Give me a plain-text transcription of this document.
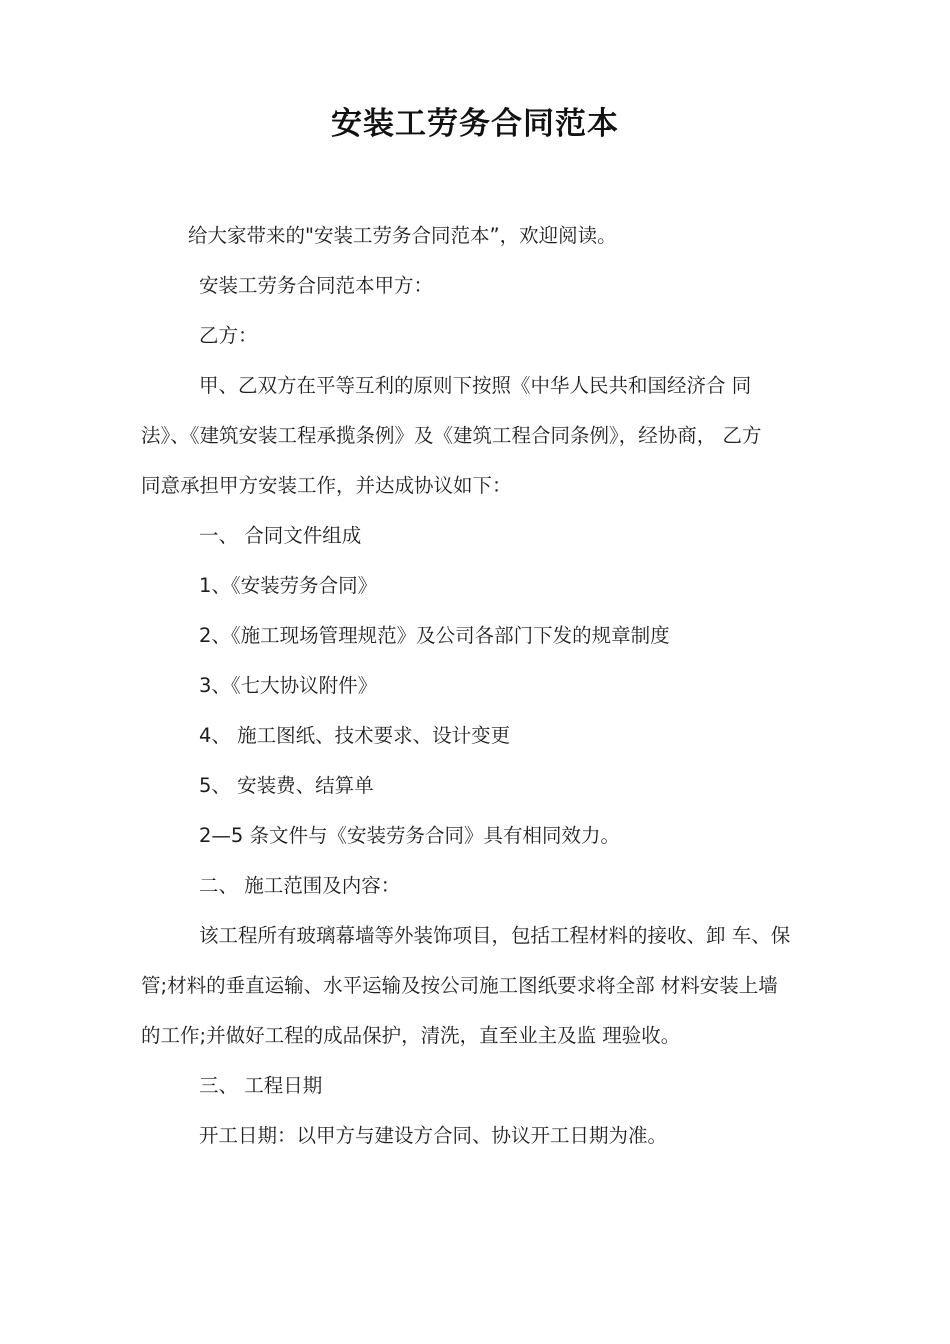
安装工劳务合同范本
给大家带来的"安装工劳务合同范本”，欢迎阅读。
安装工劳务合同范本甲方：
乙方：
甲、乙双方在平等互利的原则下按照《中华人民共和国经济合 同
法》、《建筑安装工程承揽条例》及《建筑工程合同条例》，经协商， 乙方
同意承担甲方安装工作，并达成协议如下：
一、 合同文件组成
1、《安装劳务合同》
2、《施工现场管理规范》及公司各部门下发的规章制度
3、《七大协议附件》
4、 施工图纸、技术要求、设计变更
5、 安装费、结算单
2—5 条文件与《安装劳务合同》具有相同效力。
二、 施工范围及内容：
该工程所有玻璃幕墙等外装饰项目，包括工程材料的接收、卸 车、保
管;材料的垂直运输、水平运输及按公司施工图纸要求将全部 材料安装上墙
的工作;并做好工程的成品保护，清洗，直至业主及监 理验收。
三、 工程日期
开工日期：以甲方与建设方合同、协议开工日期为准。
